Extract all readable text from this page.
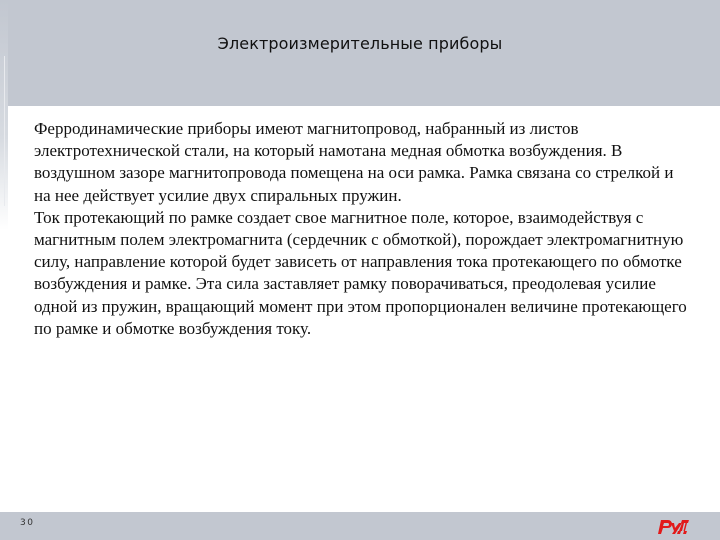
Электроизмерительные приборы

Ферродинамические приборы имеют магнитопровод, набранный из листов электротехнической стали, на который намотана медная обмотка возбуждения. В воздушном зазоре магнитопровода помещена на оси рамка. Рамка связана со стрелкой и на нее действует усилие двух спиральных пружин.

Ток протекающий по рамке создает свое магнитное поле, которое, взаимодействуя с магнитным полем электромагнита (сердечник с обмоткой), порождает электромагнитную силу, направление которой будет зависеть от направления тока протекающего по обмотке возбуждения и рамке. Эта сила заставляет рамку поворачиваться, преодолевая усилие одной из пружин, вращающий момент при этом пропорционален величине протекающего по рамке и обмотке возбуждения току.

30
